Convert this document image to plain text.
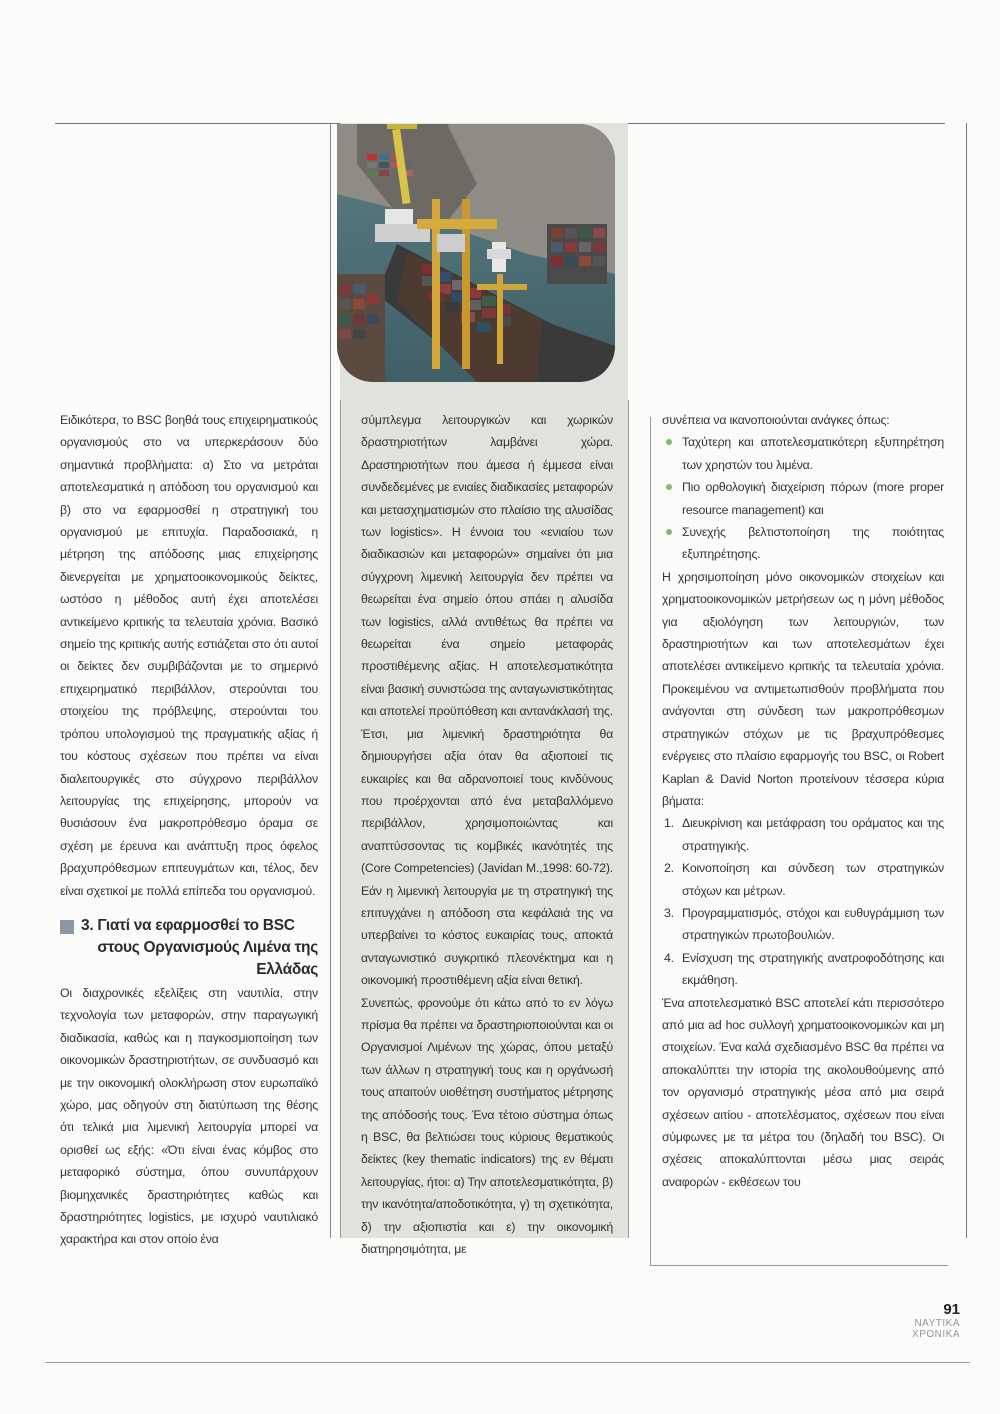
Ειδικότερα, το BSC βοηθά τους επιχειρηματικούς οργανισμούς στο να υπερκεράσουν δύο σημαντικά προβλήματα: α) Στο να μετράται αποτελεσματικά η απόδοση του οργανισμού και β) στο να εφαρμοσθεί η στρατηγική του οργανισμού με επιτυχία. Παραδοσιακά, η μέτρηση της απόδοσης μιας επιχείρησης διενεργείται με χρηματοοικονομικούς δείκτες, ωστόσο η μέθοδος αυτή έχει αποτελέσει αντικείμενο κριτικής τα τελευταία χρόνια. Βασικό σημείο της κριτικής αυτής εστιάζεται στο ότι αυτοί οι δείκτες δεν συμβιβάζονται με το σημερινό επιχειρηματικό περιβάλλον, στερούνται του στοιχείου της πρόβλεψης, στερούνται του τρόπου υπολογισμού της πραγματικής αξίας ή του κόστους σχέσεων που πρέπει να είναι διαλειτουργικές στο σύγχρονο περιβάλλον λειτουργίας της επιχείρησης, μπορούν να θυσιάσουν ένα μακροπρόθεσμο όραμα σε σχέση με έρευνα και ανάπτυξη προς όφελος βραχυπρόθεσμων επιτευγμάτων και, τέλος, δεν είναι σχετικοί με πολλά επίπεδα του οργανισμού.

3. Γιατί να εφαρμοσθεί το BSC
στους Οργανισμούς Λιμένα της Ελλάδας

Οι διαχρονικές εξελίξεις στη ναυτιλία, στην τεχνολογία των μεταφορών, στην παραγωγική διαδικασία, καθώς και η παγκοσμιοποίηση των οικονομικών δραστηριοτήτων, σε συνδυασμό και με την οικονομική ολοκλήρωση στον ευρωπαϊκό χώρο, μας οδηγούν στη διατύπωση της θέσης ότι τελικά μια λιμενική λειτουργία μπορεί να ορισθεί ως εξής: «Ότι είναι ένας κόμβος στο μεταφορικό σύστημα, όπου συνυπάρχουν βιομηχανικές δραστηριότητες καθώς και δραστηριότητες logistics, με ισχυρό ναυτιλιακό χαρακτήρα και στον οποίο ένα

σύμπλεγμα λειτουργικών και χωρικών δραστηριοτήτων λαμβάνει χώρα. Δραστηριοτήτων που άμεσα ή έμμεσα είναι συνδεδεμένες με ενιαίες διαδικασίες μεταφορών και μετασχηματισμών στο πλαίσιο της αλυσίδας των logistics». Η έννοια του «ενιαίου των διαδικασιών και μεταφορών» σημαίνει ότι μια σύγχρονη λιμενική λειτουργία δεν πρέπει να θεωρείται ένα σημείο όπου σπάει η αλυσίδα των logistics, αλλά αντιθέτως θα πρέπει να θεωρείται ένα σημείο μεταφοράς προστιθέμενης αξίας. Η αποτελεσματικότητα είναι βασική συνιστώσα της ανταγωνιστικότητας και αποτελεί προϋπόθεση και αντανάκλασή της. Έτσι, μια λιμενική δραστηριότητα θα δημιουργήσει αξία όταν θα αξιοποιεί τις ευκαιρίες και θα αδρανοποιεί τους κινδύνους που προέρχονται από ένα μεταβαλλόμενο περιβάλλον, χρησιμοποιώντας και αναπτύσσοντας τις κομβικές ικανότητές της (Core Competencies) (Javidan M.,1998: 60-72). Εάν η λιμενική λειτουργία με τη στρατηγική της επιτυγχάνει η απόδοση στα κεφάλαιά της να υπερβαίνει το κόστος ευκαιρίας τους, αποκτά ανταγωνιστικό συγκριτικό πλεονέκτημα και η οικονομική προστιθέμενη αξία είναι θετική.

Συνεπώς, φρονούμε ότι κάτω από το εν λόγω πρίσμα θα πρέπει να δραστηριοποιούνται και οι Οργανισμοί Λιμένων της χώρας, όπου μεταξύ των άλλων η στρατηγική τους και η οργάνωσή τους απαιτούν υιοθέτηση συστήματος μέτρησης της απόδοσής τους. Ένα τέτοιο σύστημα όπως η BSC, θα βελτιώσει τους κύριους θεματικούς δείκτες (key thematic indicators) της εν θέματι λειτουργίας, ήτοι: α) Την αποτελεσματικότητα, β) την ικανότητα/αποδοτικότητα, γ) τη σχετικότητα, δ) την αξιοπιστία και ε) την οικονομική διατηρησιμότητα, με

συνέπεια να ικανοποιούνται ανάγκες όπως:

Ταχύτερη και αποτελεσματικότερη εξυπηρέτηση των χρηστών του λιμένα.
Πιο ορθολογική διαχείριση πόρων (more proper resource management) και
Συνεχής βελτιστοποίηση της ποιότητας εξυπηρέτησης.

Η χρησιμοποίηση μόνο οικονομικών στοιχείων και χρηματοοικονομικών μετρήσεων ως η μόνη μέθοδος για αξιολόγηση των λειτουργιών, των δραστηριοτήτων και των αποτελεσμάτων έχει αποτελέσει αντικείμενο κριτικής τα τελευταία χρόνια. Προκειμένου να αντιμετωπισθούν προβλήματα που ανάγονται στη σύνδεση των μακροπρόθεσμων στρατηγικών στόχων με τις βραχυπρόθεσμες ενέργειες στο πλαίσιο εφαρμογής του BSC, οι Robert Kaplan & David Norton προτείνουν τέσσερα κύρια βήματα:

1. Διευκρίνιση και μετάφραση του οράματος και της στρατηγικής.
2. Κοινοποίηση και σύνδεση των στρατηγικών στόχων και μέτρων.
3. Προγραμματισμός, στόχοι και ευθυγράμμιση των στρατηγικών πρωτοβουλιών.
4. Ενίσχυση της στρατηγικής ανατροφοδότησης και εκμάθηση.

Ένα αποτελεσματικό BSC αποτελεί κάτι περισσότερο από μια ad hoc συλλογή χρηματοοικονομικών και μη στοιχείων. Ένα καλά σχεδιασμένο BSC θα πρέπει να αποκαλύπτει την ιστορία της ακολουθούμενης από τον οργανισμό στρατηγικής μέσα από μια σειρά σχέσεων αιτίου - αποτελέσματος, σχέσεων που είναι σύμφωνες με τα μέτρα του (δηλαδή του BSC). Οι σχέσεις αποκαλύπτονται μέσω μιας σειράς αναφορών - εκθέσεων του

91
ΝΑΥΤΙΚΑ
ΧΡΟΝΙΚΑ
